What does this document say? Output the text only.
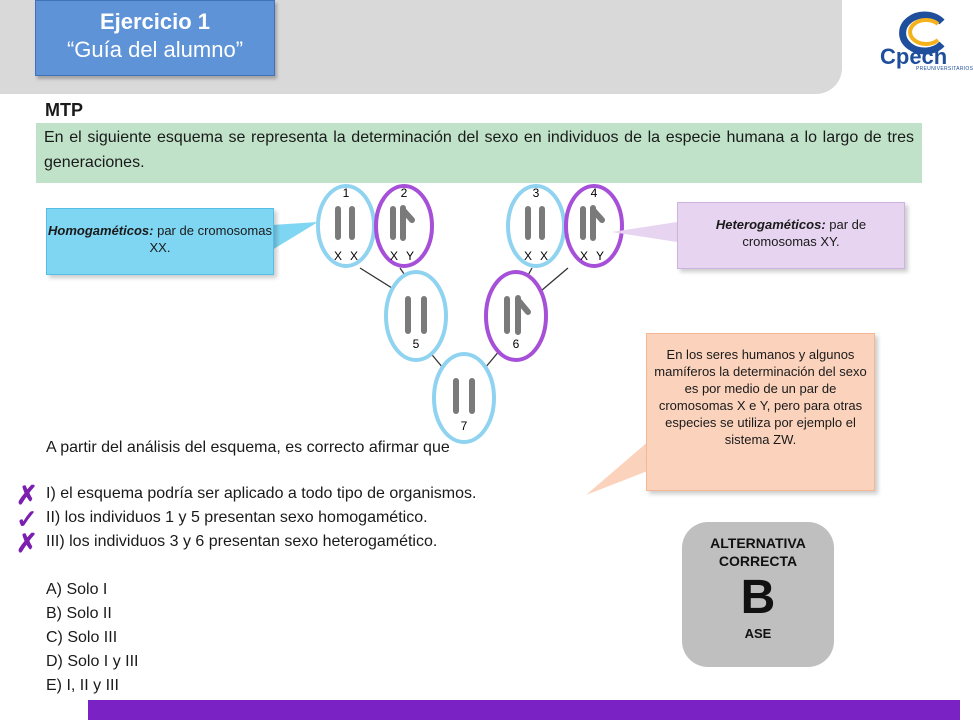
Ejercicio 1
“Guía del alumno”	Cpech
PREUNIVERSITARIOS
MTP
En el siguiente esquema se representa la determinación del sexo en individuos de la especie humana a lo largo de tres generaciones.
1
X X
2
X Y
3
X X
4
X Y
5	6
7
Homogaméticos: par de cromosomas XX.
Heterogaméticos: par de cromosomas XY.
En los seres humanos y algunos mamíferos la determinación del sexo es por medio de un par de cromosomas X e Y, pero para otras especies se utiliza por ejemplo el sistema ZW.
A partir del análisis del esquema, es correcto afirmar que
✗
✓
✗
I) el esquema podría ser aplicado a todo tipo de organismos.
II) los individuos 1 y 5 presentan sexo homogamético.
III) los individuos 3 y 6 presentan sexo heterogamético.
A) Solo I
B) Solo II
C) Solo III
D) Solo I y III
E) I, II y III
ALTERNATIVA
CORRECTA
B
ASE
